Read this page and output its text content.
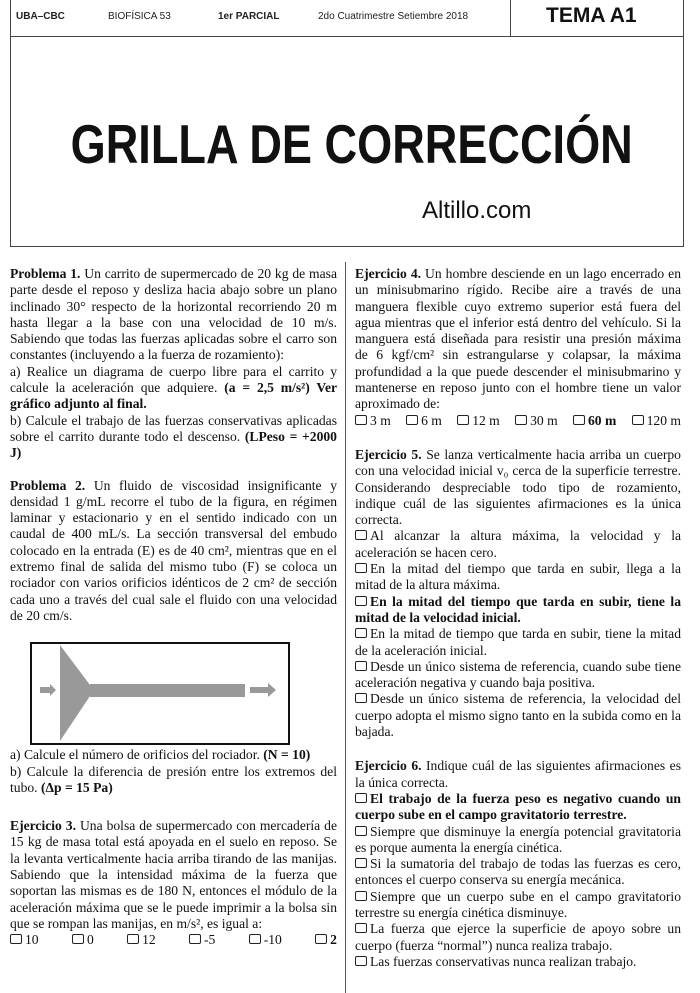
UBA–CBC	BIOFÍSICA 53	1er PARCIAL	2do Cuatrimestre Setiembre 2018	TEMA A1
GRILLA DE CORRECCIÓN
Altillo.com
Problema 1. Un carrito de supermercado de 20 kg de masa parte desde el reposo y desliza hacia abajo sobre un plano inclinado 30° respecto de la horizontal recorriendo 20 m hasta llegar a la base con una velocidad de 10 m/s. Sabiendo que todas las fuerzas aplicadas sobre el carro son constantes (incluyendo a la fuerza de rozamiento):
a) Realice un diagrama de cuerpo libre para el carrito y calcule la aceleración que adquiere. (a = 2,5 m/s²) Ver gráfico adjunto al final.
b) Calcule el trabajo de las fuerzas conservativas aplicadas sobre el carrito durante todo el descenso. (LPeso = +2000 J)
Problema 2. Un fluido de viscosidad insignificante y densidad 1 g/mL recorre el tubo de la figura, en régimen laminar y estacionario y en el sentido indicado con un caudal de 400 mL/s. La sección transversal del embudo colocado en la entrada (E) es de 40 cm², mientras que en el extremo final de salida del mismo tubo (F) se coloca un rociador con varios orificios idénticos de 2 cm² de sección cada uno a través del cual sale el fluido con una velocidad de 20 cm/s.
a) Calcule el número de orificios del rociador. (N = 10)
b) Calcule la diferencia de presión entre los extremos del tubo. (Δp = 15 Pa)
Ejercicio 3. Una bolsa de supermercado con mercadería de 15 kg de masa total está apoyada en el suelo en reposo. Se la levanta verticalmente hacia arriba tirando de las manijas. Sabiendo que la intensidad máxima de la fuerza que soportan las mismas es de 180 N, entonces el módulo de la aceleración máxima que se le puede imprimir a la bolsa sin que se rompan las manijas, en m/s², es igual a:
10	0	12	-5	-10	2
Ejercicio 4. Un hombre desciende en un lago encerrado en un minisubmarino rígido. Recibe aire a través de una manguera flexible cuyo extremo superior está fuera del agua mientras que el inferior está dentro del vehículo. Si la manguera está diseñada para resistir una presión máxima de 6 kgf/cm² sin estrangularse y colapsar, la máxima profundidad a la que puede descender el minisubmarino y mantenerse en reposo junto con el hombre tiene un valor aproximado de:
3 m	6 m	12 m	30 m	60 m	120 m
Ejercicio 5. Se lanza verticalmente hacia arriba un cuerpo con una velocidad inicial v₀ cerca de la superficie terrestre. Considerando despreciable todo tipo de rozamiento, indique cuál de las siguientes afirmaciones es la única correcta.
Al alcanzar la altura máxima, la velocidad y la aceleración se hacen cero.
En la mitad del tiempo que tarda en subir, llega a la mitad de la altura máxima.
En la mitad del tiempo que tarda en subir, tiene la mitad de la velocidad inicial.
En la mitad de tiempo que tarda en subir, tiene la mitad de la aceleración inicial.
Desde un único sistema de referencia, cuando sube tiene aceleración negativa y cuando baja positiva.
Desde un único sistema de referencia, la velocidad del cuerpo adopta el mismo signo tanto en la subida como en la bajada.
Ejercicio 6. Indique cuál de las siguientes afirmaciones es la única correcta.
El trabajo de la fuerza peso es negativo cuando un cuerpo sube en el campo gravitatorio terrestre.
Siempre que disminuye la energía potencial gravitatoria es porque aumenta la energía cinética.
Si la sumatoria del trabajo de todas las fuerzas es cero, entonces el cuerpo conserva su energía mecánica.
Siempre que un cuerpo sube en el campo gravitatorio terrestre su energía cinética disminuye.
La fuerza que ejerce la superficie de apoyo sobre un cuerpo (fuerza “normal”) nunca realiza trabajo.
Las fuerzas conservativas nunca realizan trabajo.
